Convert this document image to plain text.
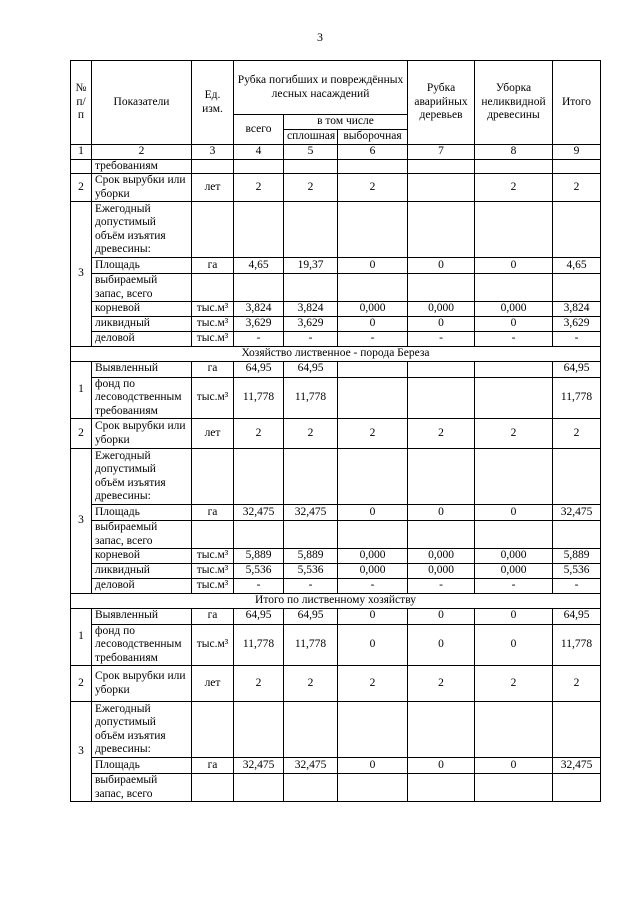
3
№ п/п	Показатели	Ед. изм.	Рубка погибших и повреждённых лесных насаждений			Рубка аварийных деревьев	Уборка неликвидной древесины	Итого
			всего	в том числе				
				сплошная	выборочная			
1	2	3	4	5	6	7	8	9
	требованиям							
2	Срок вырубки или уборки	лет	2	2	2		2	2
3	Ежегодный допустимый объём изъятия древесины:							
	Площадь	га	4,65	19,37	0	0	0	4,65
	выбираемый запас, всего							
	корневой	тыс.м³	3,824	3,824	0,000	0,000	0,000	3,824
	ликвидный	тыс.м³	3,629	3,629	0	0	0	3,629
	деловой	тыс.м³	-	-	-	-	-	-
Хозяйство лиственное - порода Береза								
1	Выявленный	га	64,95	64,95				64,95
	фонд по лесоводственным требованиям	тыс.м³	11,778	11,778				11,778
2	Срок вырубки или уборки	лет	2	2	2	2	2	2
3	Ежегодный допустимый объём изъятия древесины:							
	Площадь	га	32,475	32,475	0	0	0	32,475
	выбираемый запас, всего							
	корневой	тыс.м³	5,889	5,889	0,000	0,000	0,000	5,889
	ликвидный	тыс.м³	5,536	5,536	0,000	0,000	0,000	5,536
	деловой	тыс.м³	-	-	-	-	-	-
Итого по лиственному хозяйству								
1	Выявленный	га	64,95	64,95	0	0	0	64,95
	фонд по лесоводственным требованиям	тыс.м³	11,778	11,778	0	0	0	11,778
2	Срок вырубки или уборки	лет	2	2	2	2	2	2
3	Ежегодный допустимый объём изъятия древесины:							
	Площадь	га	32,475	32,475	0	0	0	32,475
	выбираемый запас, всего							
